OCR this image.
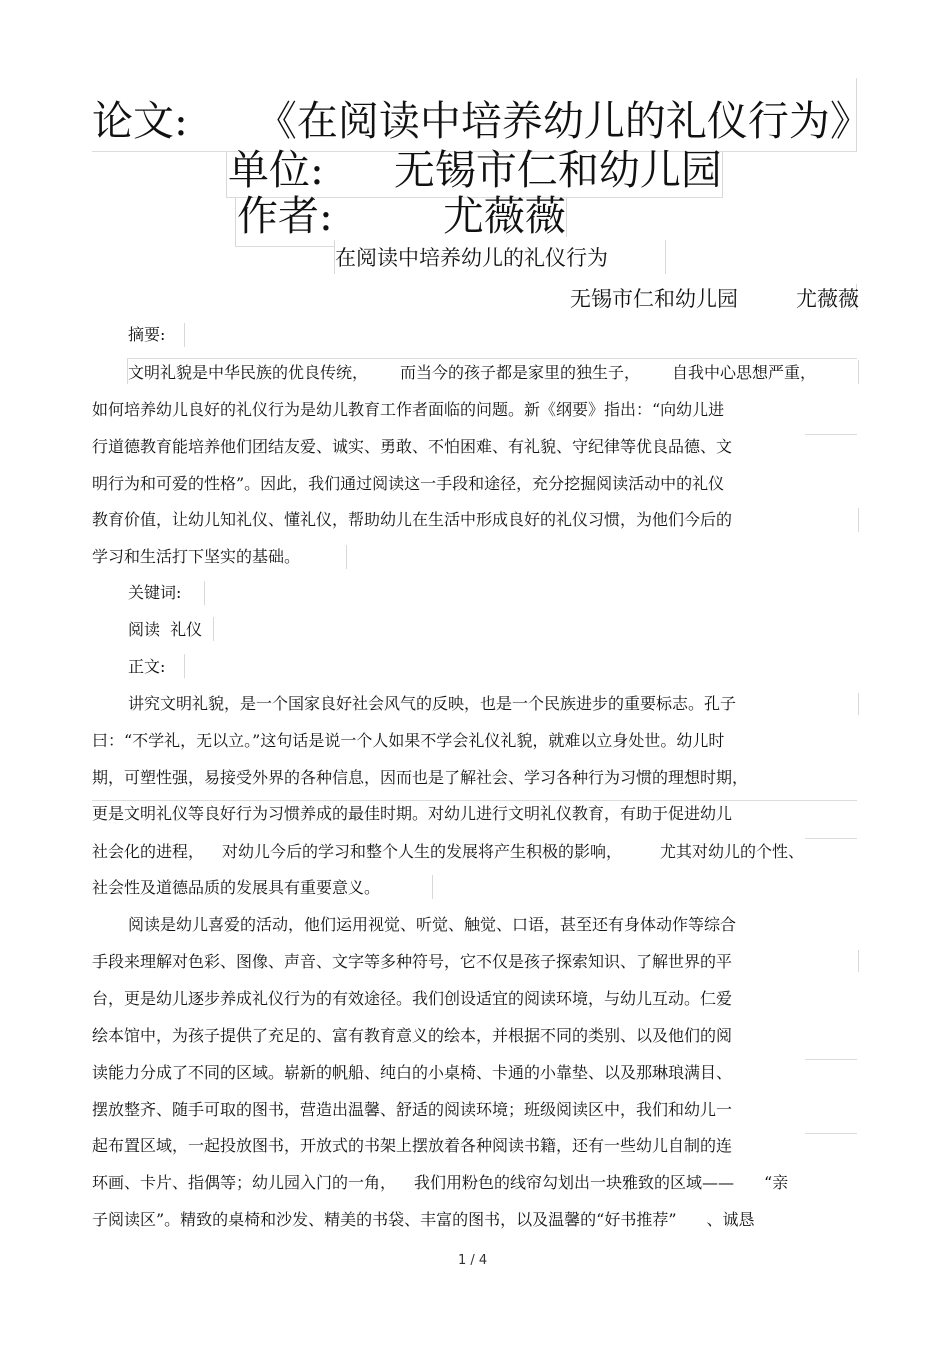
论文: 《在阅读中培养幼儿的礼仪行为》
单位: 无锡市仁和幼儿园
作者:	尤薇薇
在阅读中培养幼儿的礼仪行为
无锡市仁和幼儿园	尤薇薇
摘要:
文明礼貌是中华民族的优良传统， 而当今的孩子都是家里的独生子， 自我中心思想严重，
如何培养幼儿良好的礼仪行为是幼儿教育工作者面临的问题。新《纲要》指出：“向幼儿进
行道德教育能培养他们团结友爱、诚实、勇敢、不怕困难、有礼貌、守纪律等优良品德、文
明行为和可爱的性格”。因此，我们通过阅读这一手段和途径，充分挖掘阅读活动中的礼仪
教育价值，让幼儿知礼仪、懂礼仪，帮助幼儿在生活中形成良好的礼仪习惯，为他们今后的
学习和生活打下坚实的基础。
关键词:
阅读  礼仪
正文:
讲究文明礼貌，是一个国家良好社会风气的反映，也是一个民族进步的重要标志。孔子
曰：“不学礼，无以立。”这句话是说一个人如果不学会礼仪礼貌，就难以立身处世。幼儿时
期，可塑性强，易接受外界的各种信息，因而也是了解社会、学习各种行为习惯的理想时期，
更是文明礼仪等良好行为习惯养成的最佳时期。对幼儿进行文明礼仪教育，有助于促进幼儿
社会化的进程， 对幼儿今后的学习和整个人生的发展将产生积极的影响， 尤其对幼儿的个性、
社会性及道德品质的发展具有重要意义。
阅读是幼儿喜爱的活动，他们运用视觉、听觉、触觉、口语，甚至还有身体动作等综合
手段来理解对色彩、图像、声音、文字等多种符号，它不仅是孩子探索知识、了解世界的平
台，更是幼儿逐步养成礼仪行为的有效途径。我们创设适宜的阅读环境，与幼儿互动。仁爱
绘本馆中，为孩子提供了充足的、富有教育意义的绘本，并根据不同的类别、以及他们的阅
读能力分成了不同的区域。崭新的帆船、纯白的小桌椅、卡通的小靠垫、以及那琳琅满目、
摆放整齐、随手可取的图书，营造出温馨、舒适的阅读环境；班级阅读区中，我们和幼儿一
起布置区域，一起投放图书，开放式的书架上摆放着各种阅读书籍，还有一些幼儿自制的连
环画、卡片、指偶等；幼儿园入门的一角， 我们用粉色的线帘勾划出一块雅致的区域—— “亲
子阅读区”。精致的桌椅和沙发、精美的书袋、丰富的图书，以及温馨的“好书推荐” 、诚恳
1 / 4
